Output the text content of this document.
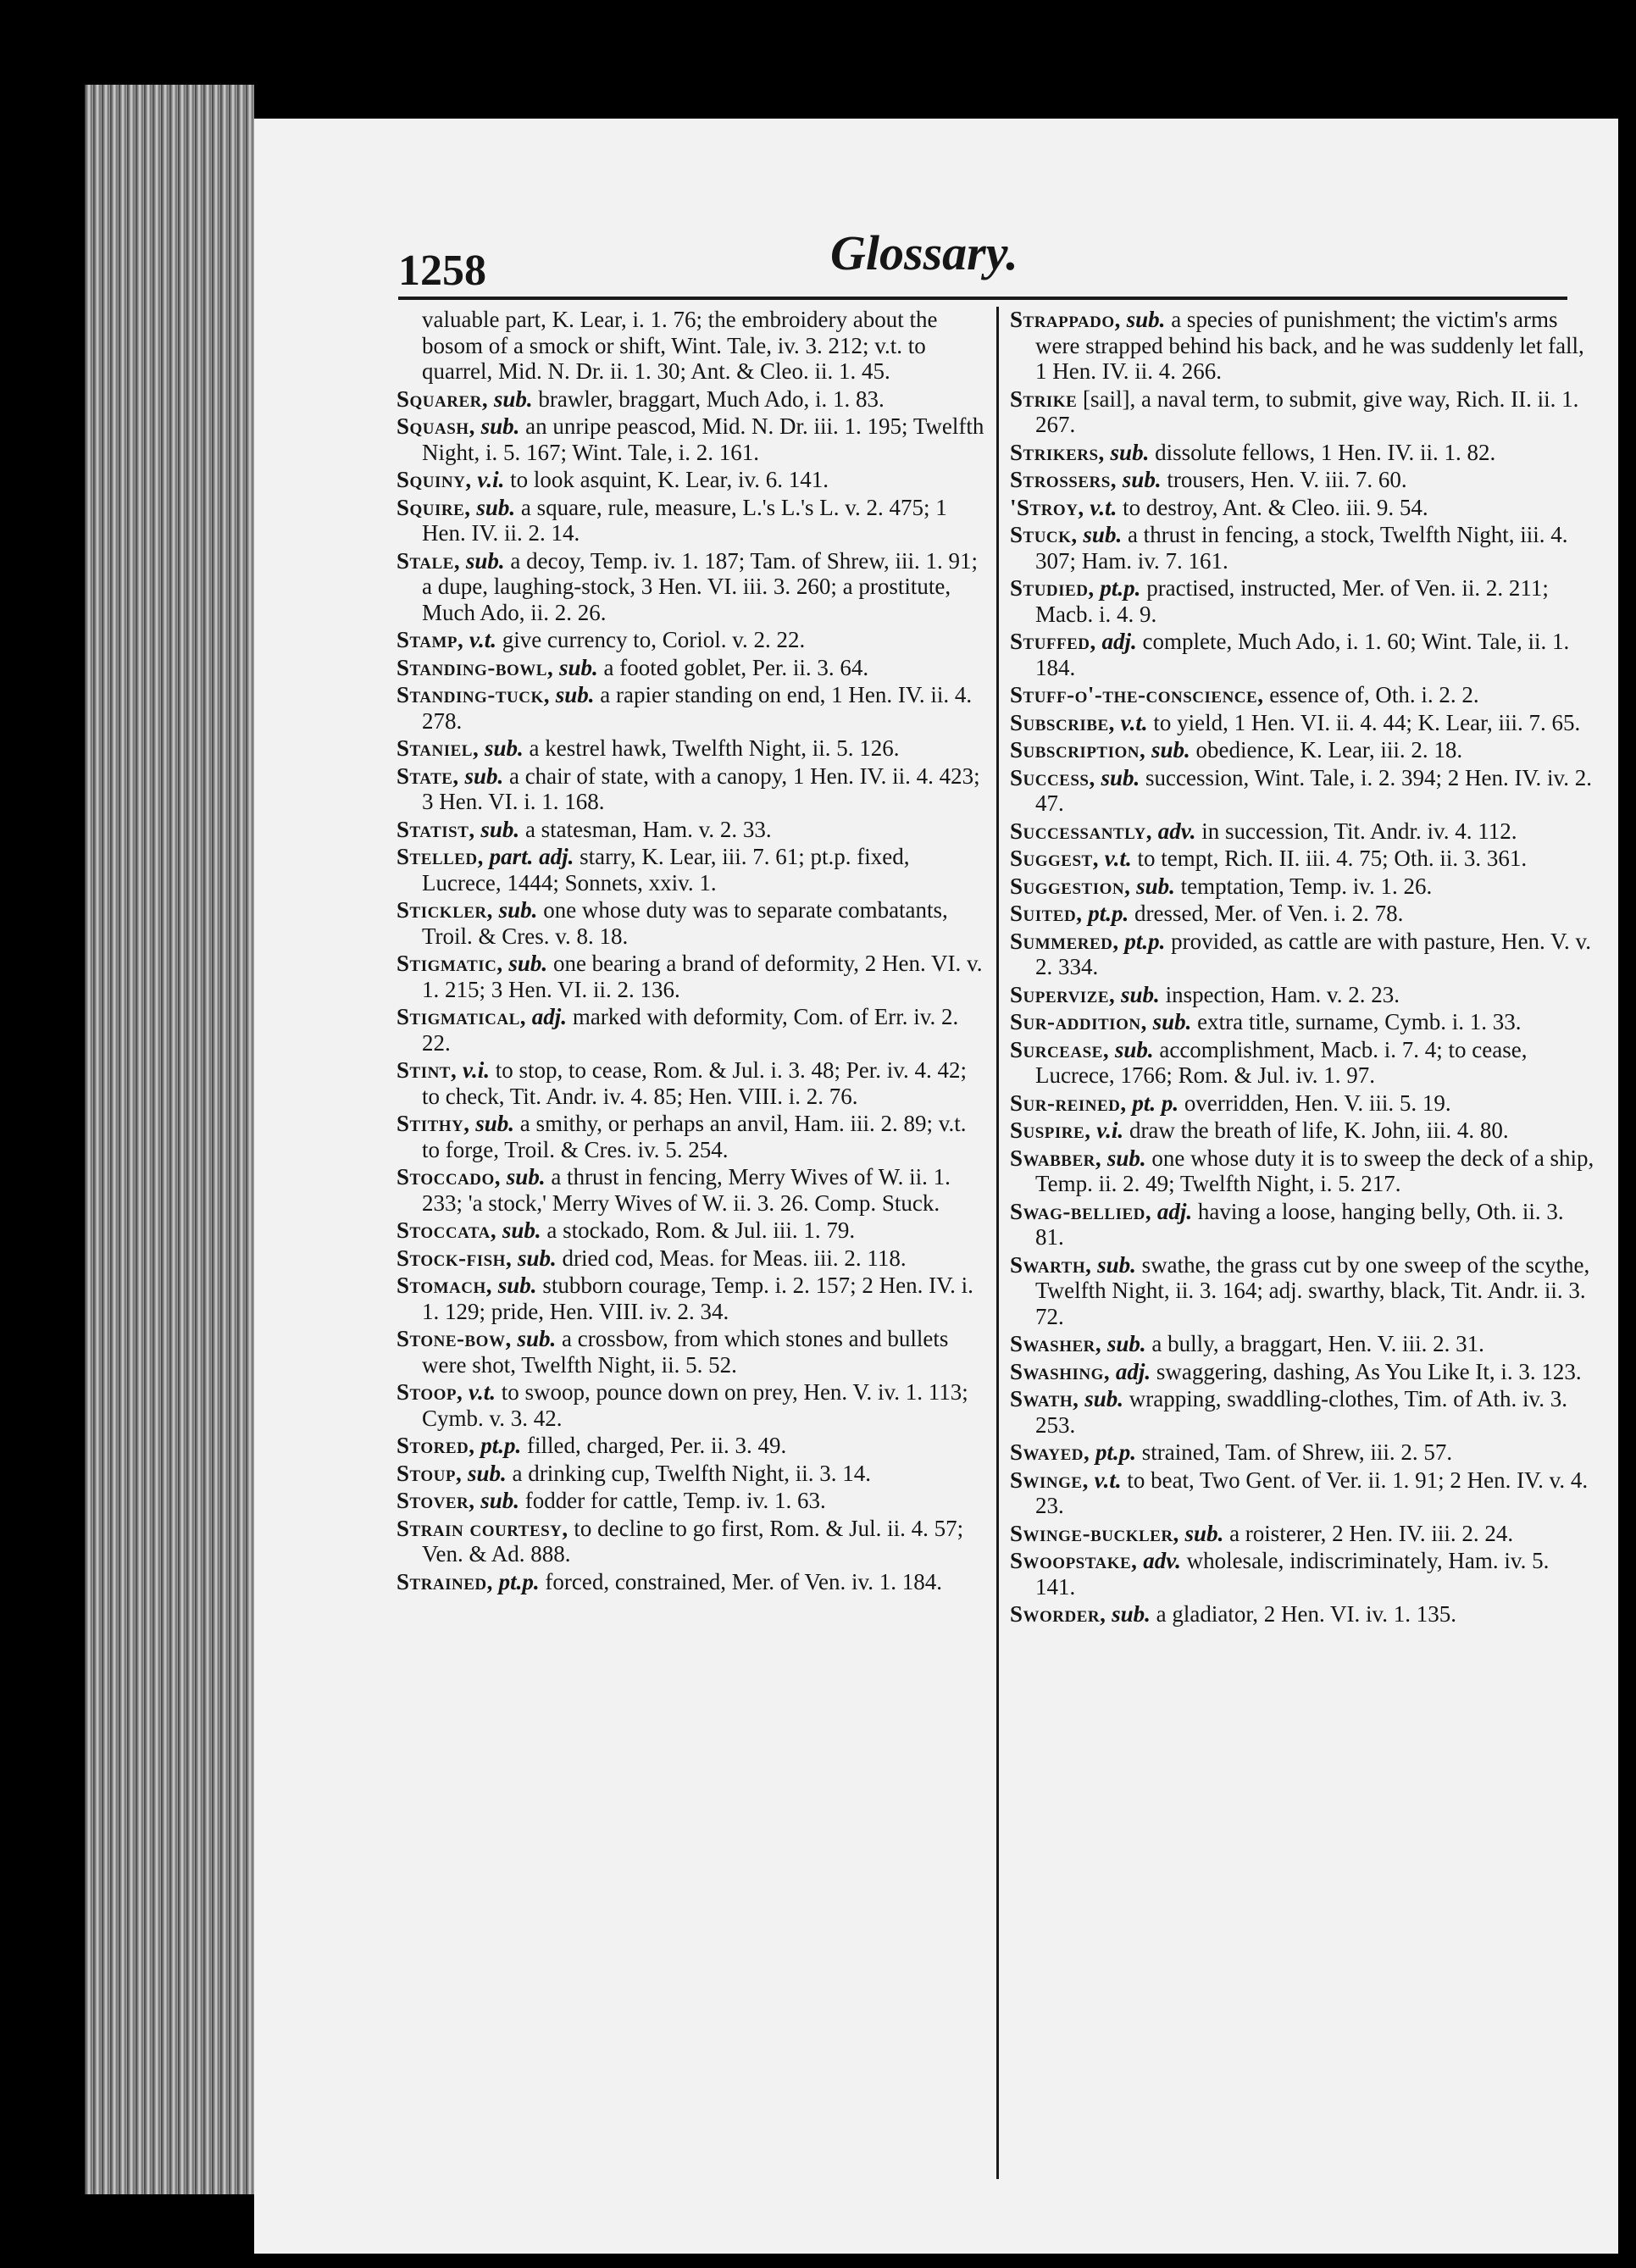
1258	Glossary.
valuable part, K. Lear, i. 1. 76; the embroidery about the bosom of a smock or shift, Wint. Tale, iv. 3. 212; v.t. to quarrel, Mid. N. Dr. ii. 1. 30; Ant. & Cleo. ii. 1. 45.
Squarer, sub. brawler, braggart, Much Ado, i. 1. 83.
Squash, sub. an unripe peascod, Mid. N. Dr. iii. 1. 195; Twelfth Night, i. 5. 167; Wint. Tale, i. 2. 161.
Squiny, v.i. to look asquint, K. Lear, iv. 6. 141.
Squire, sub. a square, rule, measure, L.'s L.'s L. v. 2. 475; 1 Hen. IV. ii. 2. 14.
Stale, sub. a decoy, Temp. iv. 1. 187; Tam. of Shrew, iii. 1. 91; a dupe, laughing-stock, 3 Hen. VI. iii. 3. 260; a prostitute, Much Ado, ii. 2. 26.
Stamp, v.t. give currency to, Coriol. v. 2. 22.
Standing-bowl, sub. a footed goblet, Per. ii. 3. 64.
Standing-tuck, sub. a rapier standing on end, 1 Hen. IV. ii. 4. 278.
Staniel, sub. a kestrel hawk, Twelfth Night, ii. 5. 126.
State, sub. a chair of state, with a canopy, 1 Hen. IV. ii. 4. 423; 3 Hen. VI. i. 1. 168.
Statist, sub. a statesman, Ham. v. 2. 33.
Stelled, part. adj. starry, K. Lear, iii. 7. 61; pt.p. fixed, Lucrece, 1444; Sonnets, xxiv. 1.
Stickler, sub. one whose duty was to separate combatants, Troil. & Cres. v. 8. 18.
Stigmatic, sub. one bearing a brand of deformity, 2 Hen. VI. v. 1. 215; 3 Hen. VI. ii. 2. 136.
Stigmatical, adj. marked with deformity, Com. of Err. iv. 2. 22.
Stint, v.i. to stop, to cease, Rom. & Jul. i. 3. 48; Per. iv. 4. 42; to check, Tit. Andr. iv. 4. 85; Hen. VIII. i. 2. 76.
Stithy, sub. a smithy, or perhaps an anvil, Ham. iii. 2. 89; v.t. to forge, Troil. & Cres. iv. 5. 254.
Stoccado, sub. a thrust in fencing, Merry Wives of W. ii. 1. 233; 'a stock,' Merry Wives of W. ii. 3. 26. Comp. Stuck.
Stoccata, sub. a stockado, Rom. & Jul. iii. 1. 79.
Stock-fish, sub. dried cod, Meas. for Meas. iii. 2. 118.
Stomach, sub. stubborn courage, Temp. i. 2. 157; 2 Hen. IV. i. 1. 129; pride, Hen. VIII. iv. 2. 34.
Stone-bow, sub. a crossbow, from which stones and bullets were shot, Twelfth Night, ii. 5. 52.
Stoop, v.t. to swoop, pounce down on prey, Hen. V. iv. 1. 113; Cymb. v. 3. 42.
Stored, pt.p. filled, charged, Per. ii. 3. 49.
Stoup, sub. a drinking cup, Twelfth Night, ii. 3. 14.
Stover, sub. fodder for cattle, Temp. iv. 1. 63.
Strain courtesy, to decline to go first, Rom. & Jul. ii. 4. 57; Ven. & Ad. 888.
Strained, pt.p. forced, constrained, Mer. of Ven. iv. 1. 184.
Strappado, sub. a species of punishment; the victim's arms were strapped behind his back, and he was suddenly let fall, 1 Hen. IV. ii. 4. 266.
Strike [sail], a naval term, to submit, give way, Rich. II. ii. 1. 267.
Strikers, sub. dissolute fellows, 1 Hen. IV. ii. 1. 82.
Strossers, sub. trousers, Hen. V. iii. 7. 60.
'Stroy, v.t. to destroy, Ant. & Cleo. iii. 9. 54.
Stuck, sub. a thrust in fencing, a stock, Twelfth Night, iii. 4. 307; Ham. iv. 7. 161.
Studied, pt.p. practised, instructed, Mer. of Ven. ii. 2. 211; Macb. i. 4. 9.
Stuffed, adj. complete, Much Ado, i. 1. 60; Wint. Tale, ii. 1. 184.
Stuff-o'-the-conscience, essence of, Oth. i. 2. 2.
Subscribe, v.t. to yield, 1 Hen. VI. ii. 4. 44; K. Lear, iii. 7. 65.
Subscription, sub. obedience, K. Lear, iii. 2. 18.
Success, sub. succession, Wint. Tale, i. 2. 394; 2 Hen. IV. iv. 2. 47.
Successantly, adv. in succession, Tit. Andr. iv. 4. 112.
Suggest, v.t. to tempt, Rich. II. iii. 4. 75; Oth. ii. 3. 361.
Suggestion, sub. temptation, Temp. iv. 1. 26.
Suited, pt.p. dressed, Mer. of Ven. i. 2. 78.
Summered, pt.p. provided, as cattle are with pasture, Hen. V. v. 2. 334.
Supervize, sub. inspection, Ham. v. 2. 23.
Sur-addition, sub. extra title, surname, Cymb. i. 1. 33.
Surcease, sub. accomplishment, Macb. i. 7. 4; to cease, Lucrece, 1766; Rom. & Jul. iv. 1. 97.
Sur-reined, pt. p. overridden, Hen. V. iii. 5. 19.
Suspire, v.i. draw the breath of life, K. John, iii. 4. 80.
Swabber, sub. one whose duty it is to sweep the deck of a ship, Temp. ii. 2. 49; Twelfth Night, i. 5. 217.
Swag-bellied, adj. having a loose, hanging belly, Oth. ii. 3. 81.
Swarth, sub. swathe, the grass cut by one sweep of the scythe, Twelfth Night, ii. 3. 164; adj. swarthy, black, Tit. Andr. ii. 3. 72.
Swasher, sub. a bully, a braggart, Hen. V. iii. 2. 31.
Swashing, adj. swaggering, dashing, As You Like It, i. 3. 123.
Swath, sub. wrapping, swaddling-clothes, Tim. of Ath. iv. 3. 253.
Swayed, pt.p. strained, Tam. of Shrew, iii. 2. 57.
Swinge, v.t. to beat, Two Gent. of Ver. ii. 1. 91; 2 Hen. IV. v. 4. 23.
Swinge-buckler, sub. a roisterer, 2 Hen. IV. iii. 2. 24.
Swoopstake, adv. wholesale, indiscriminately, Ham. iv. 5. 141.
Sworder, sub. a gladiator, 2 Hen. VI. iv. 1. 135.
